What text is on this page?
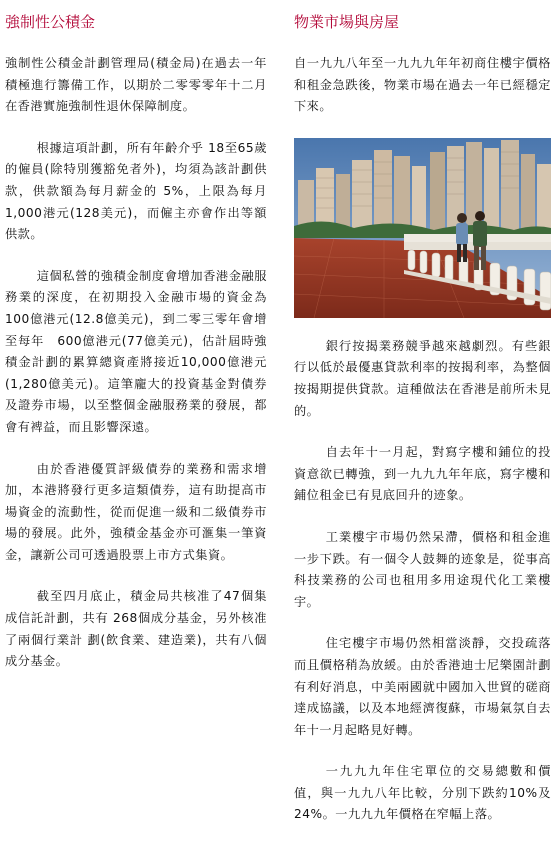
強制性公積金

強制性公積金計劃管理局(積金局)在過去一年積極進行籌備工作，以期於二零零零年十二月在香港實施強制性退休保障制度。

根據這項計劃，所有年齡介乎 18至65歲的僱員(除特別獲豁免者外)，均須為該計劃供款，供款額為每月薪金的 5%，上限為每月1,000港元(128美元)，而僱主亦會作出等額供款。

這個私營的強積金制度會增加香港金融服務業的深度，在初期投入金融市場的資金為100億港元(12.8億美元)，到二零三零年會增至每年　600億港元(77億美元)，估計屆時強積金計劃的累算總資產將接近10,000億港元(1,280億美元)。這筆龐大的投資基金對債券及證券市場，以至整個金融服務業的發展，都會有裨益，而且影響深遠。

由於香港優質評級債券的業務和需求增加，本港將發行更多這類債券，這有助提高市場資金的流動性，從而促進一級和二級債券市場的發展。此外，強積金基金亦可滙集一筆資金，讓新公司可透過股票上市方式集資。

截至四月底止，積金局共核准了47個集成信託計劃，共有 268個成分基金，另外核准了兩個行業計 劃(飲食業、建造業)，共有八個成分基金。

物業市場與房屋

自一九九八年至一九九九年年初商住樓宇價格和租金急跌後，物業市場在過去一年已經穩定下來。

銀行按揭業務競爭越來越劇烈。有些銀行以低於最優惠貸款利率的按揭利率，為整個按揭期提供貸款。這種做法在香港是前所未見的。

自去年十一月起，對寫字樓和鋪位的投資意欲已轉強，到一九九九年年底，寫字樓和鋪位租金已有見底回升的迹象。

工業樓宇市場仍然呆滯，價格和租金進一步下跌。有一個令人鼓舞的迹象是，從事高科技業務的公司也租用多用途現代化工業樓宇。

住宅樓宇市場仍然相當淡靜，交投疏落而且價格稍為放緩。由於香港迪士尼樂園計劃有利好消息，中美兩國就中國加入世貿的磋商達成協議，以及本地經濟復蘇，市場氣氛自去年十一月起略見好轉。

一九九九年住宅單位的交易總數和價值，與一九九八年比較，分別下跌約10%及24%。一九九九年價格在窄幅上落。
